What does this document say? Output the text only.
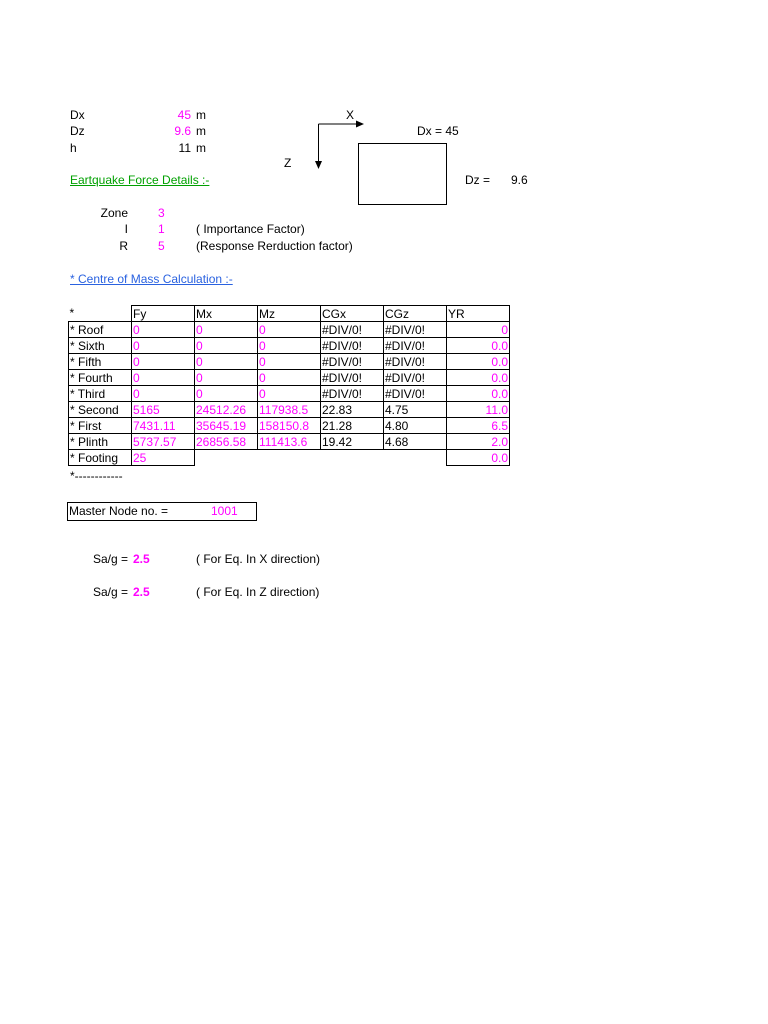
Dx	45 m
Dz	9.6 m
h	11 m
X
Z
Dx = 45
Dz = 9.6
Eartquake Force Details :-
Zone	3
I	1	( Importance Factor)
R	5	(Response Rerduction factor)
* Centre of Mass Calculation :-
*	Fy	Mx	Mz	CGx	CGz	YR
* Roof	0	0	0	#DIV/0!	#DIV/0!	0
* Sixth	0	0	0	#DIV/0!	#DIV/0!	0.0
* Fifth	0	0	0	#DIV/0!	#DIV/0!	0.0
* Fourth	0	0	0	#DIV/0!	#DIV/0!	0.0
* Third	0	0	0	#DIV/0!	#DIV/0!	0.0
* Second	5165	24512.26	117938.5	22.83	4.75	11.0
* First	7431.11	35645.19	158150.8	21.28	4.80	6.5
* Plinth	5737.57	26856.58	111413.6	19.42	4.68	2.0
* Footing	25					0.0
*------------
Master Node no. =	1001
Sa/g = 2.5	( For Eq. In X direction)
Sa/g = 2.5	( For Eq. In Z direction)
